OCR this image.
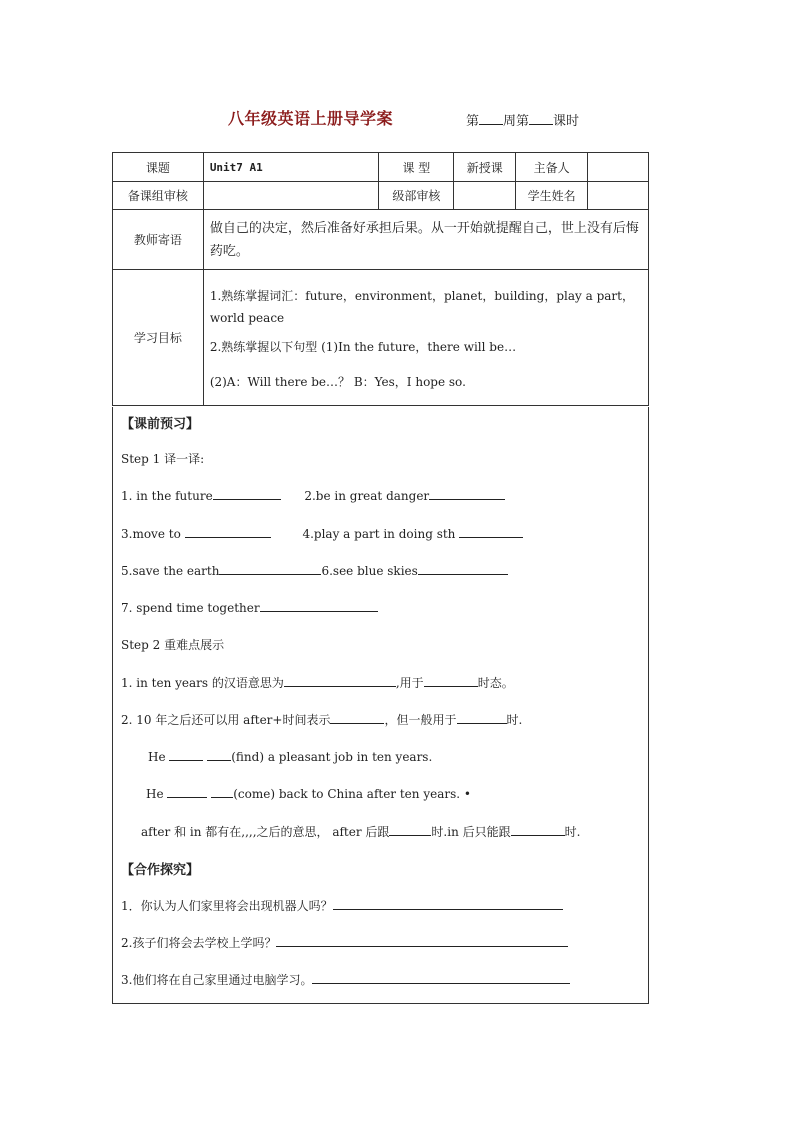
八年级英语上册导学案	第 周第 课时
课题	Unit7 A1	课 型	新授课	主备人	
备课组审核		级部审核		学生姓名	
教师寄语	做自己的决定，然后准备好承担后果。从一开始就提醒自己，世上没有后悔药吃。				

学习目标	1.熟练掌握词汇：future，environment，planet，building，play a part，world peace

2.熟练掌握以下句型 (1)In the future，there will be…

(2)A：Will there be…？ B：Yes，I hope so.				

【课前预习】
Step 1 译一译:
1. in the future	2.be in great danger
3.move to	4.play a part in doing sth
5.save the earth	6.see blue skies
7. spend time together
Step 2 重难点展示
1. in ten years 的汉语意思为	,用于	时态。
2. 10 年之后还可以用 after+时间表示	，但一般用于	时.
He	(find) a pleasant job in ten years.
He	(come) back to China after ten years. •
after 和 in 都有在,,,,之后的意思， after 后跟	时.in 后只能跟	时.
【合作探究】
1．你认为人们家里将会出现机器人吗？
2.孩子们将会去学校上学吗？
3.他们将在自己家里通过电脑学习。
